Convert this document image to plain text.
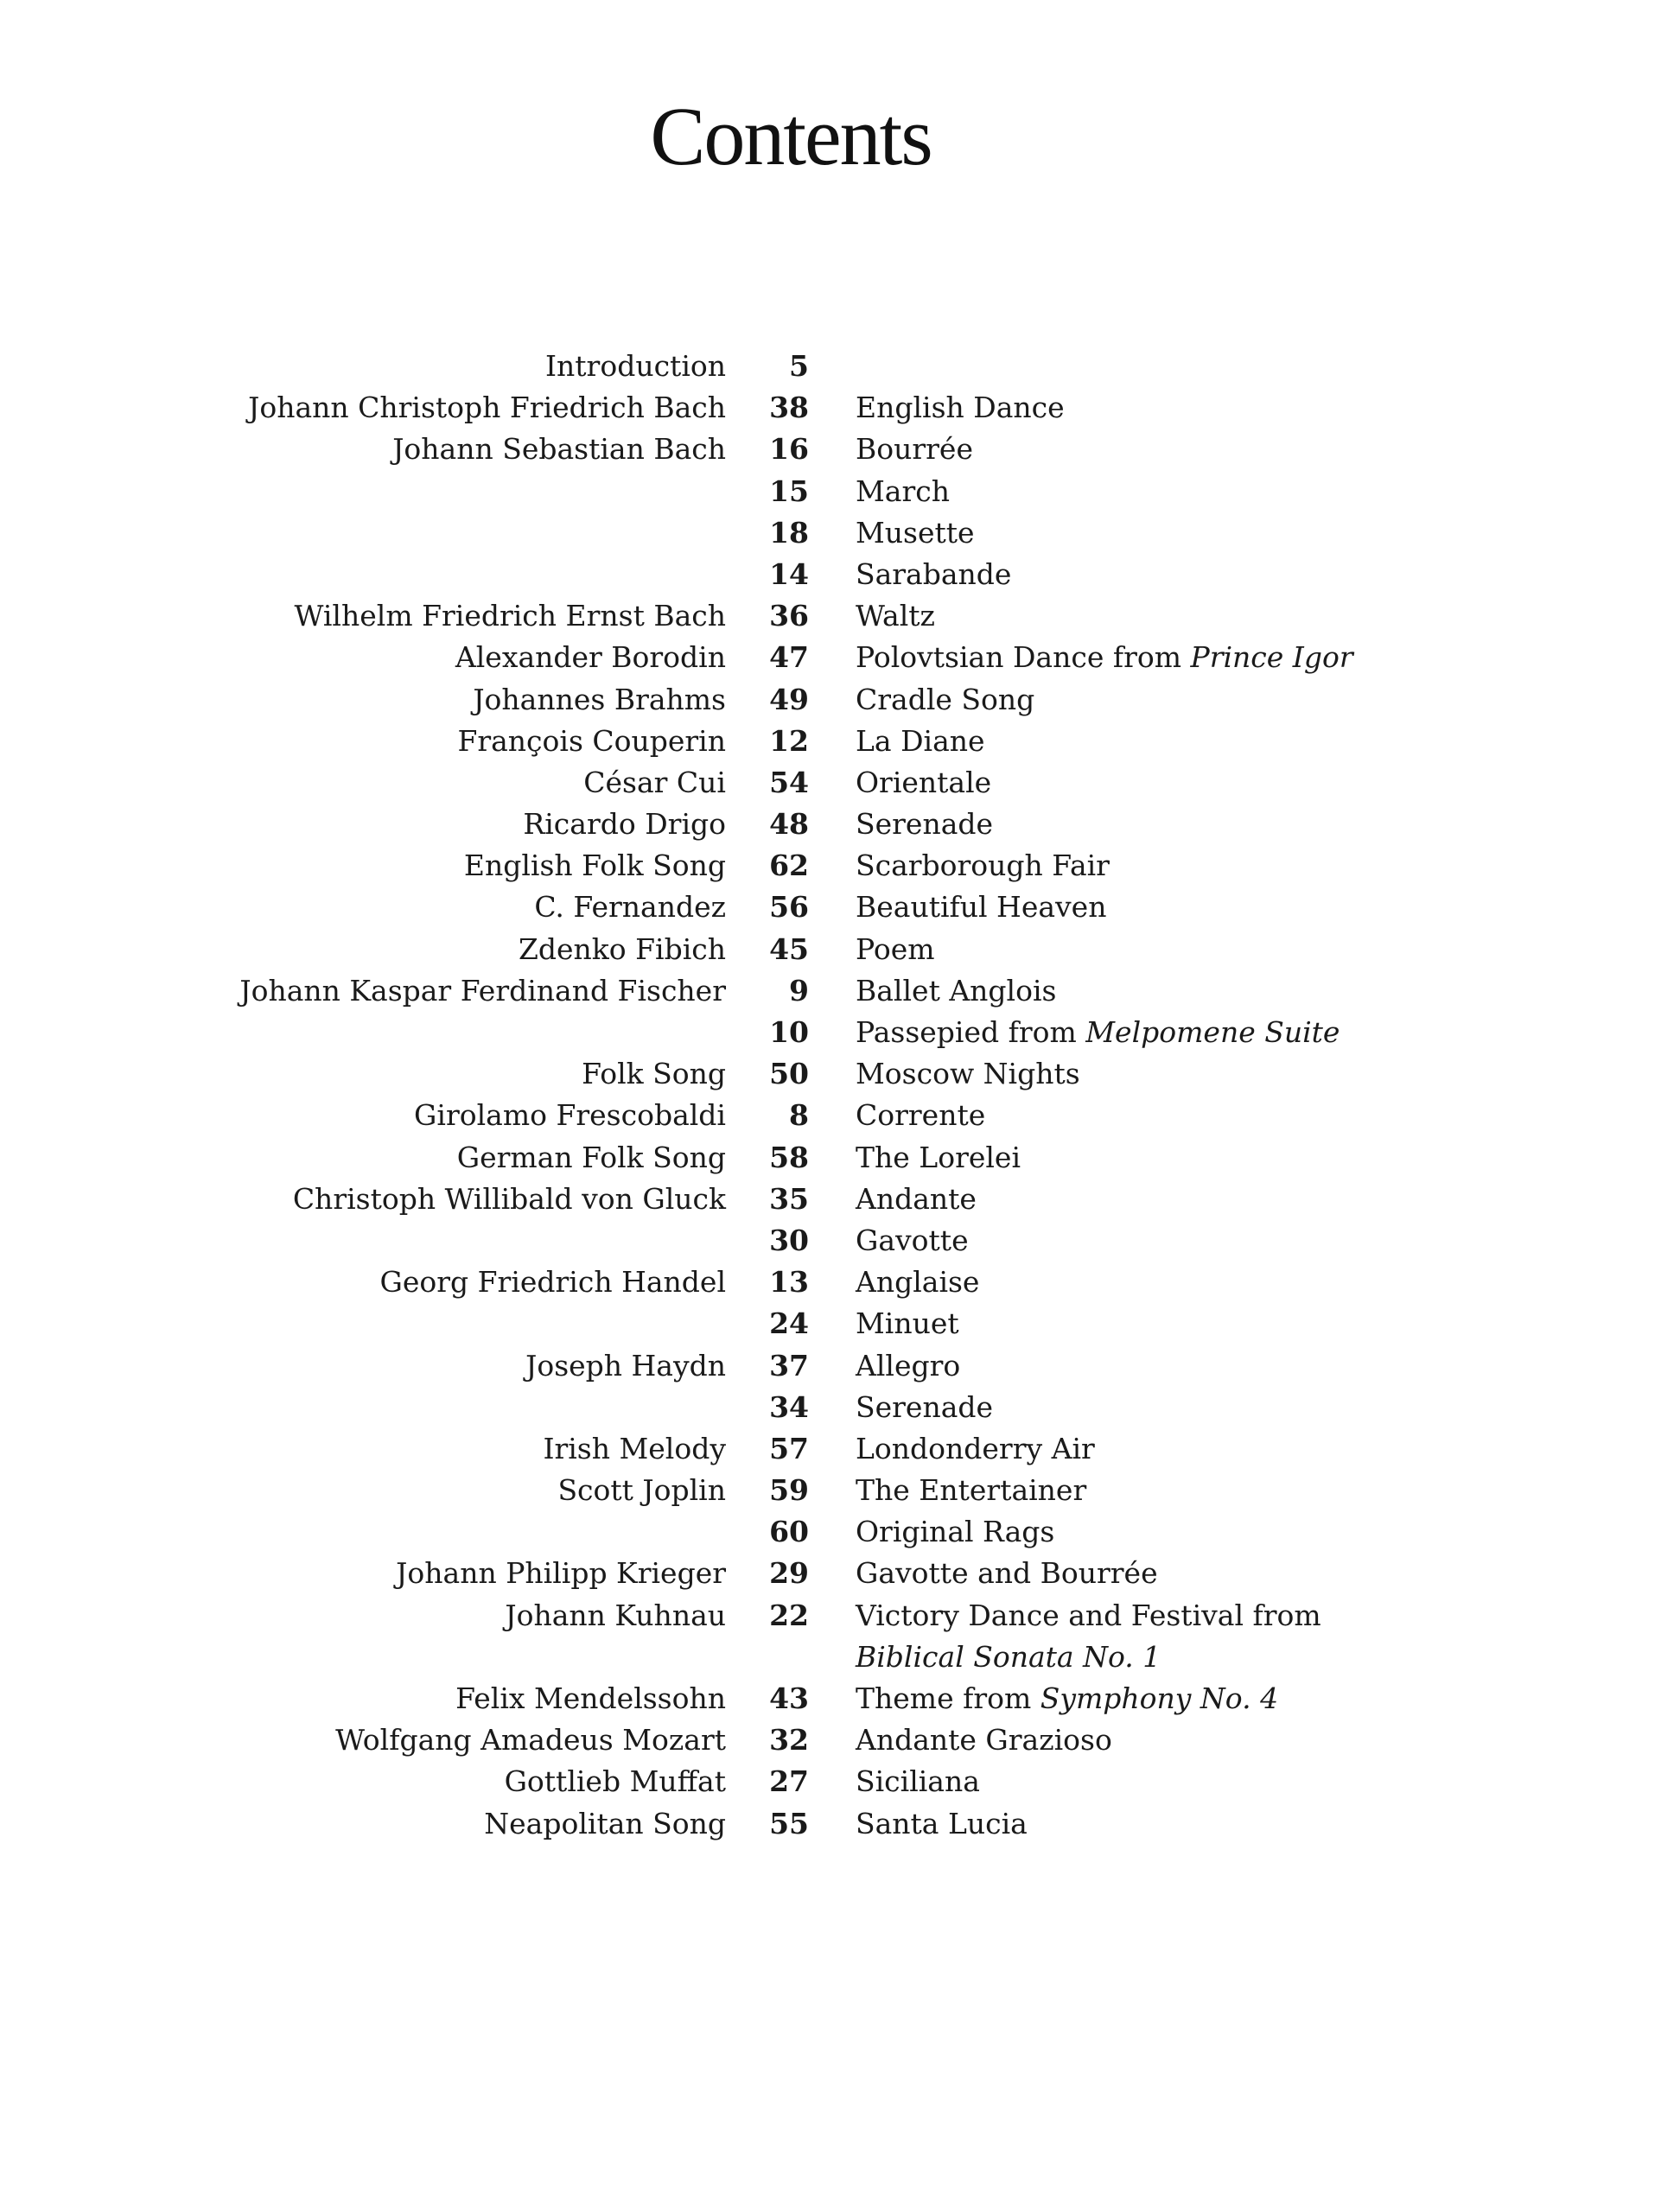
Contents
Introduction	5
Johann Christoph Friedrich Bach	38 English Dance
Johann Sebastian Bach	16 Bourrée
15 March
18 Musette
14 Sarabande
Wilhelm Friedrich Ernst Bach	36 Waltz
Alexander Borodin	47 Polovtsian Dance from Prince Igor
Johannes Brahms	49 Cradle Song
François Couperin	12 La Diane
César Cui	54 Orientale
Ricardo Drigo	48 Serenade
English Folk Song	62 Scarborough Fair
C. Fernandez	56 Beautiful Heaven
Zdenko Fibich	45 Poem
Johann Kaspar Ferdinand Fischer	9 Ballet Anglois
10 Passepied from Melpomene Suite
Folk Song	50 Moscow Nights
Girolamo Frescobaldi	8 Corrente
German Folk Song	58 The Lorelei
Christoph Willibald von Gluck	35 Andante
30 Gavotte
Georg Friedrich Handel	13 Anglaise
24 Minuet
Joseph Haydn	37 Allegro
34 Serenade
Irish Melody	57 Londonderry Air
Scott Joplin	59 The Entertainer
60 Original Rags
Johann Philipp Krieger	29 Gavotte and Bourrée
Johann Kuhnau	22 Victory Dance and Festival from
Biblical Sonata No. 1
Felix Mendelssohn	43 Theme from Symphony No. 4
Wolfgang Amadeus Mozart	32 Andante Grazioso
Gottlieb Muffat	27 Siciliana
Neapolitan Song	55 Santa Lucia
